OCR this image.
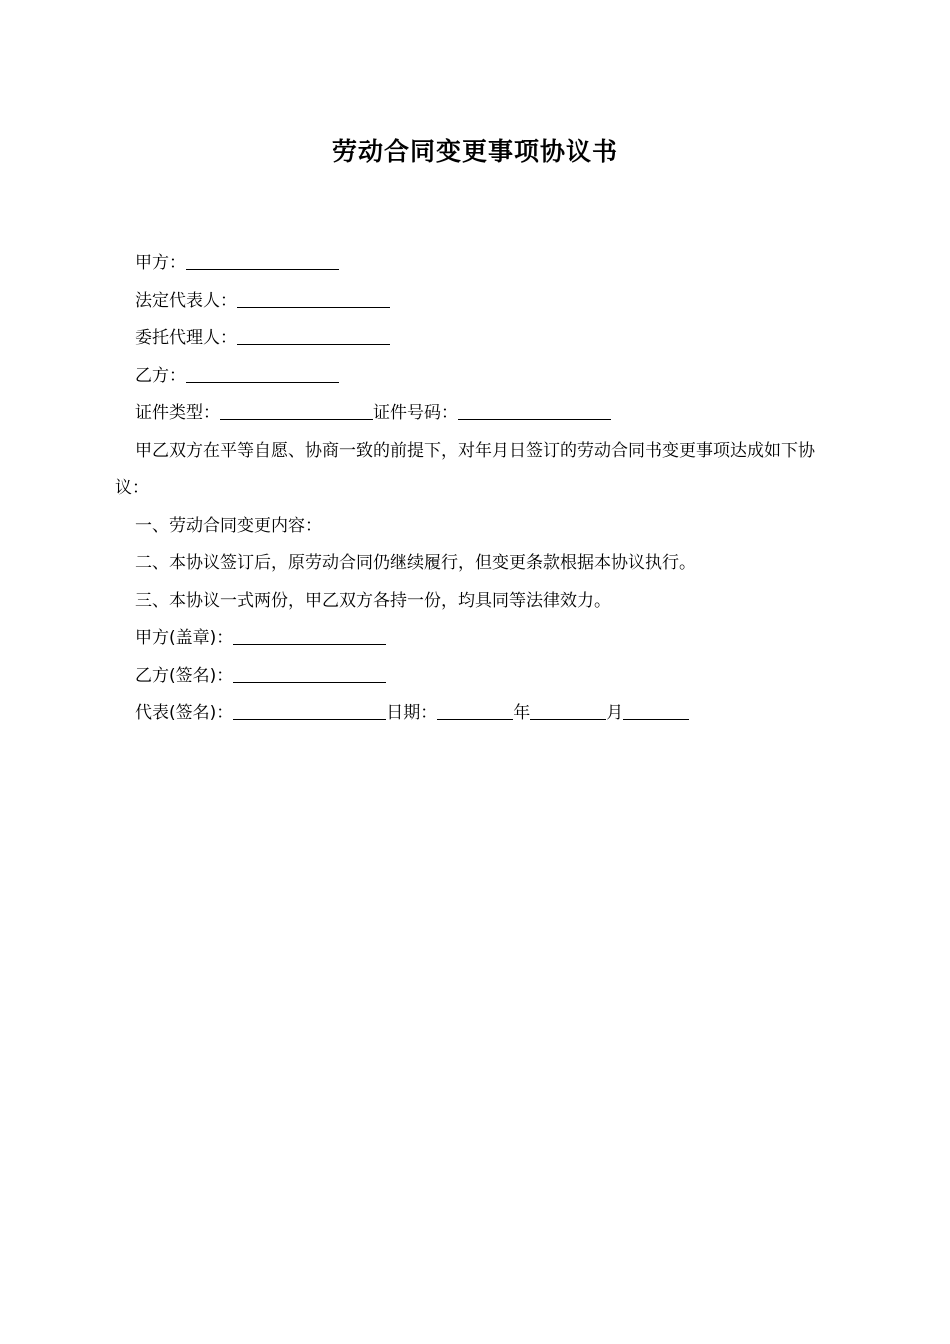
劳动合同变更事项协议书
甲方：
法定代表人：
委托代理人：
乙方：
证件类型：	证件号码：
甲乙双方在平等自愿、协商一致的前提下，对年月日签订的劳动合同书变更事项达成如下协议：
一、劳动合同变更内容：
二、本协议签订后，原劳动合同仍继续履行，但变更条款根据本协议执行。
三、本协议一式两份，甲乙双方各持一份，均具同等法律效力。
甲方(盖章)：
乙方(签名)：
代表(签名)：	日期：	年	月
